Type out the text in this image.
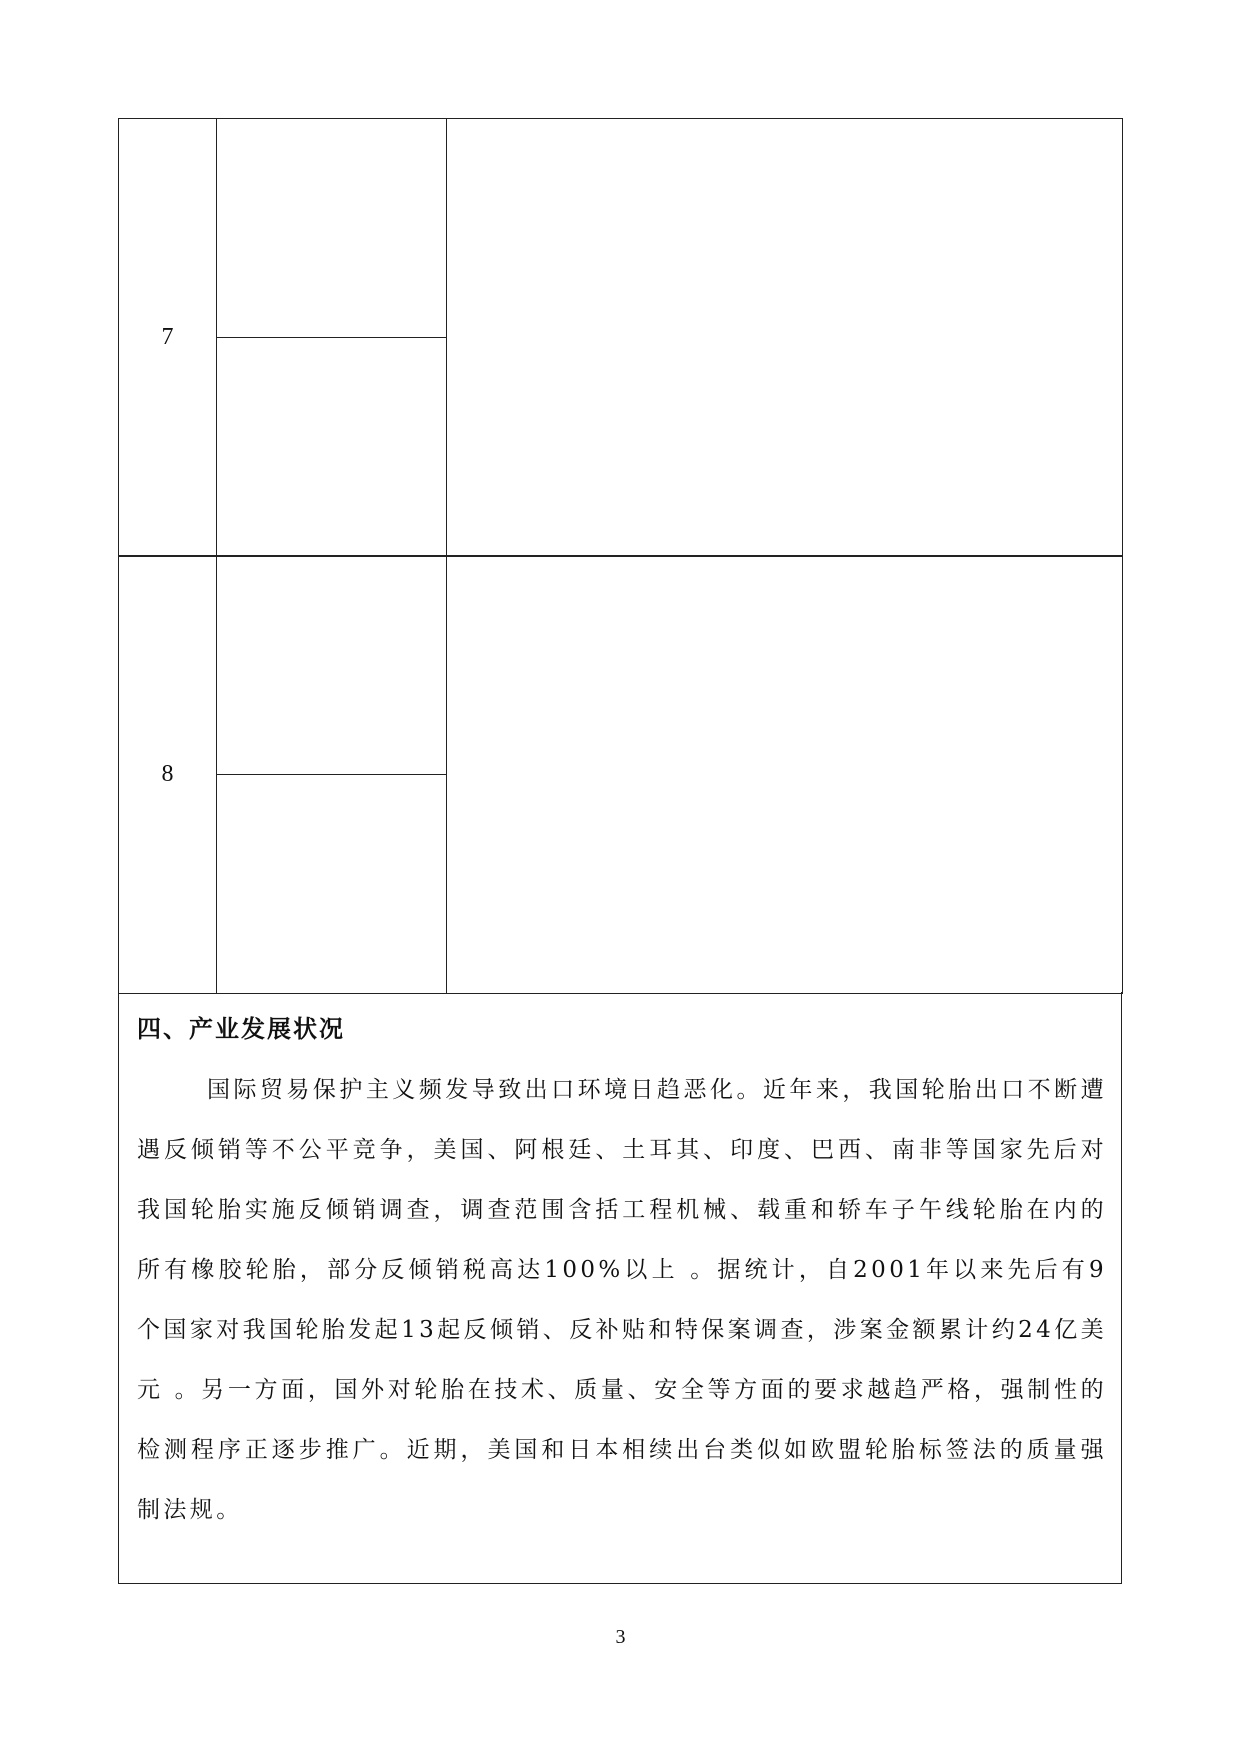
7	

8	

四、产业发展状况

国际贸易保护主义频发导致出口环境日趋恶化。近年来，我国轮胎出口不断遭遇反倾销等不公平竞争，美国、阿根廷、土耳其、印度、巴西、南非等国家先后对我国轮胎实施反倾销调查，调查范围含括工程机械、载重和轿车子午线轮胎在内的所有橡胶轮胎，部分反倾销税高达100%以上 。据统计，自2001年以来先后有9个国家对我国轮胎发起13起反倾销、反补贴和特保案调查，涉案金额累计约24亿美元 。另一方面，国外对轮胎在技术、质量、安全等方面的要求越趋严格，强制性的检测程序正逐步推广。近期，美国和日本相续出台类似如欧盟轮胎标签法的质量强制法规。

3
